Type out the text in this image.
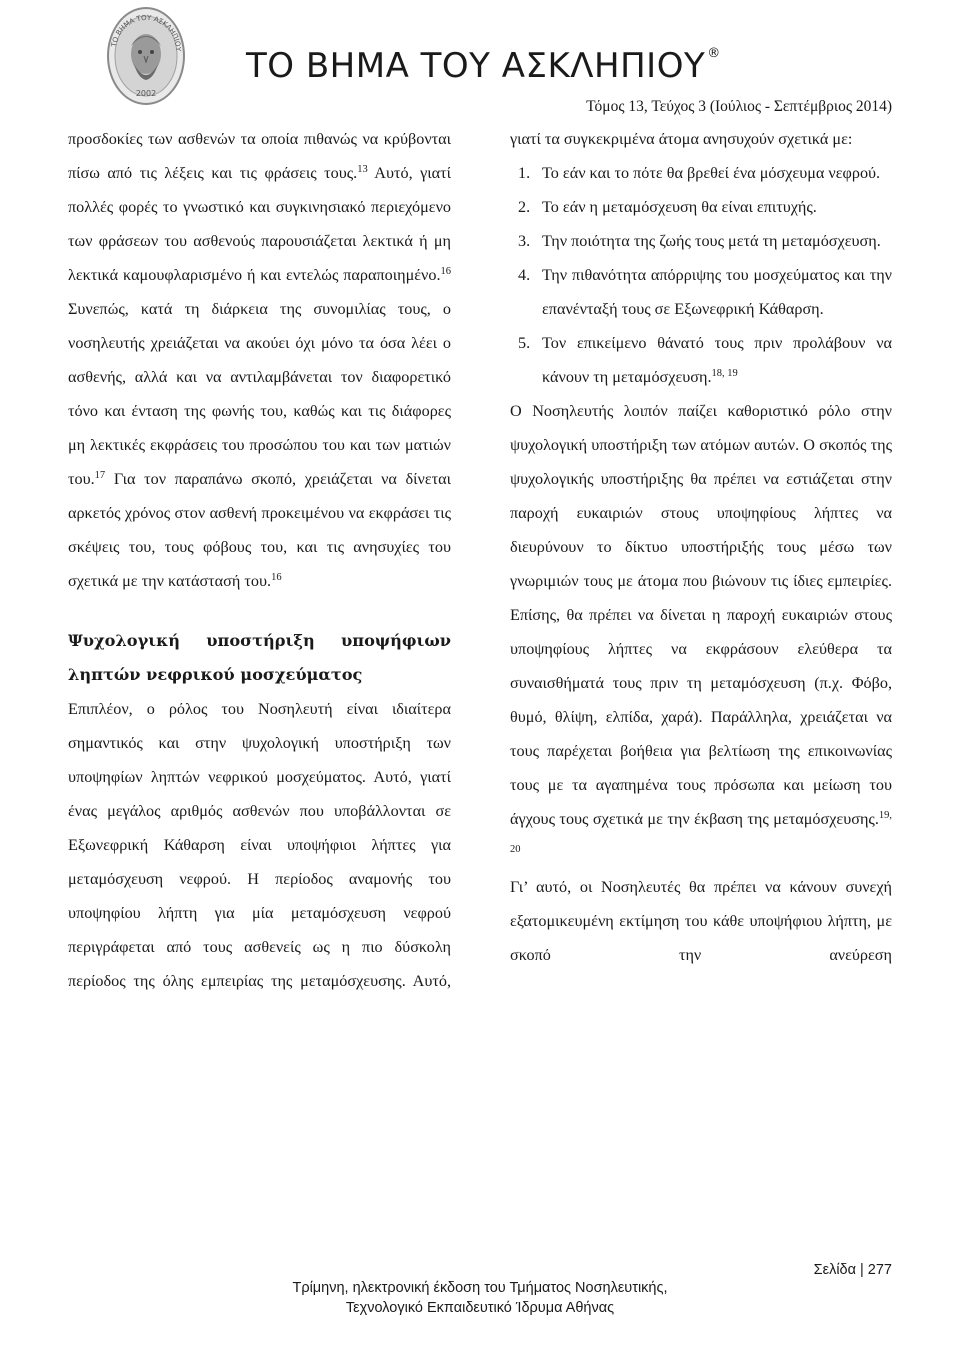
ΤΟ ΒΗΜΑ ΤΟΥ ΑΣΚΛΗΠΙΟΥ
2002
ΤΟ ΒΗΜΑ ΤΟΥ ΑΣΚΛΗΠΙΟΥ ®
Τόμος 13, Τεύχος 3 (Ιούλιος - Σεπτέμβριος 2014)

προσδοκίες των ασθενών τα οποία πιθανώς να κρύβονται πίσω από τις λέξεις και τις φράσεις τους.$^{13}$ Αυτό, γιατί πολλές φορές το γνωστικό και συγκινησιακό περιεχόμενο των φράσεων του ασθενούς παρουσιάζεται λεκτικά ή μη λεκτικά καμουφλαρισμένο ή και εντελώς παραποιημένο.$^{16}$ Συνεπώς, κατά τη διάρκεια της συνομιλίας τους, ο νοσηλευτής χρειάζεται να ακούει όχι μόνο τα όσα λέει ο ασθενής, αλλά και να αντιλαμβάνεται τον διαφορετικό τόνο και ένταση της φωνής του, καθώς και τις διάφορες μη λεκτικές εκφράσεις του προσώπου του και των ματιών του.$^{17}$ Για τον παραπάνω σκοπό, χρειάζεται να δίνεται αρκετός χρόνος στον ασθενή προκειμένου να εκφράσει τις σκέψεις του, τους φόβους του, και τις ανησυχίες του σχετικά με την κατάστασή του.$^{16}$

Ψυχολογική υποστήριξη υποψήφιων ληπτών νεφρικού μοσχεύματος

Επιπλέον, ο ρόλος του Νοσηλευτή είναι ιδιαίτερα σημαντικός και στην ψυχολογική υποστήριξη των υποψηφίων ληπτών νεφρικού μοσχεύματος. Αυτό, γιατί ένας μεγάλος αριθμός ασθενών που υποβάλλονται σε Εξωνεφρική Κάθαρση είναι υποψήφιοι λήπτες για μεταμόσχευση νεφρού. Η περίοδος αναμονής του υποψηφίου λήπτη για μία μεταμόσχευση νεφρού περιγράφεται από τους ασθενείς ως η πιο δύσκολη περίοδος της όλης εμπειρίας της μεταμόσχευσης. Αυτό,

γιατί τα συγκεκριμένα άτομα ανησυχούν σχετικά με:

1. Το εάν και το πότε θα βρεθεί ένα μόσχευμα νεφρού.
2. Το εάν η μεταμόσχευση θα είναι επιτυχής.
3. Την ποιότητα της ζωής τους μετά τη μεταμόσχευση.
4. Την πιθανότητα απόρριψης του μοσχεύματος και την επανένταξή τους σε Εξωνεφρική Κάθαρση.
5. Τον επικείμενο θάνατό τους πριν προλάβουν να κάνουν τη μεταμόσχευση.$^{18, 19}$

Ο Νοσηλευτής λοιπόν παίζει καθοριστικό ρόλο στην ψυχολογική υποστήριξη των ατόμων αυτών. Ο σκοπός της ψυχολογικής υποστήριξης θα πρέπει να εστιάζεται στην παροχή ευκαιριών στους υποψηφίους λήπτες να διευρύνουν το δίκτυο υποστήριξής τους μέσω των γνωριμιών τους με άτομα που βιώνουν τις ίδιες εμπειρίες. Επίσης, θα πρέπει να δίνεται η παροχή ευκαιριών στους υποψηφίους λήπτες να εκφράσουν ελεύθερα τα συναισθήματά τους πριν τη μεταμόσχευση (π.χ. Φόβο, θυμό, θλίψη, ελπίδα, χαρά). Παράλληλα, χρειάζεται να τους παρέχεται βοήθεια για βελτίωση της επικοινωνίας τους με τα αγαπημένα τους πρόσωπα και μείωση του άγχους τους σχετικά με την έκβαση της μεταμόσχευσης.$^{19, 20}$

Γι’ αυτό, οι Νοσηλευτές θα πρέπει να κάνουν συνεχή εξατομικευμένη εκτίμηση του κάθε υποψήφιου λήπτη, με σκοπό την ανεύρεση

Σελίδα | 277
Τρίμηνη, ηλεκτρονική έκδοση του Τμήματος Νοσηλευτικής,
Τεχνολογικό Εκπαιδευτικό Ίδρυμα Αθήνας
